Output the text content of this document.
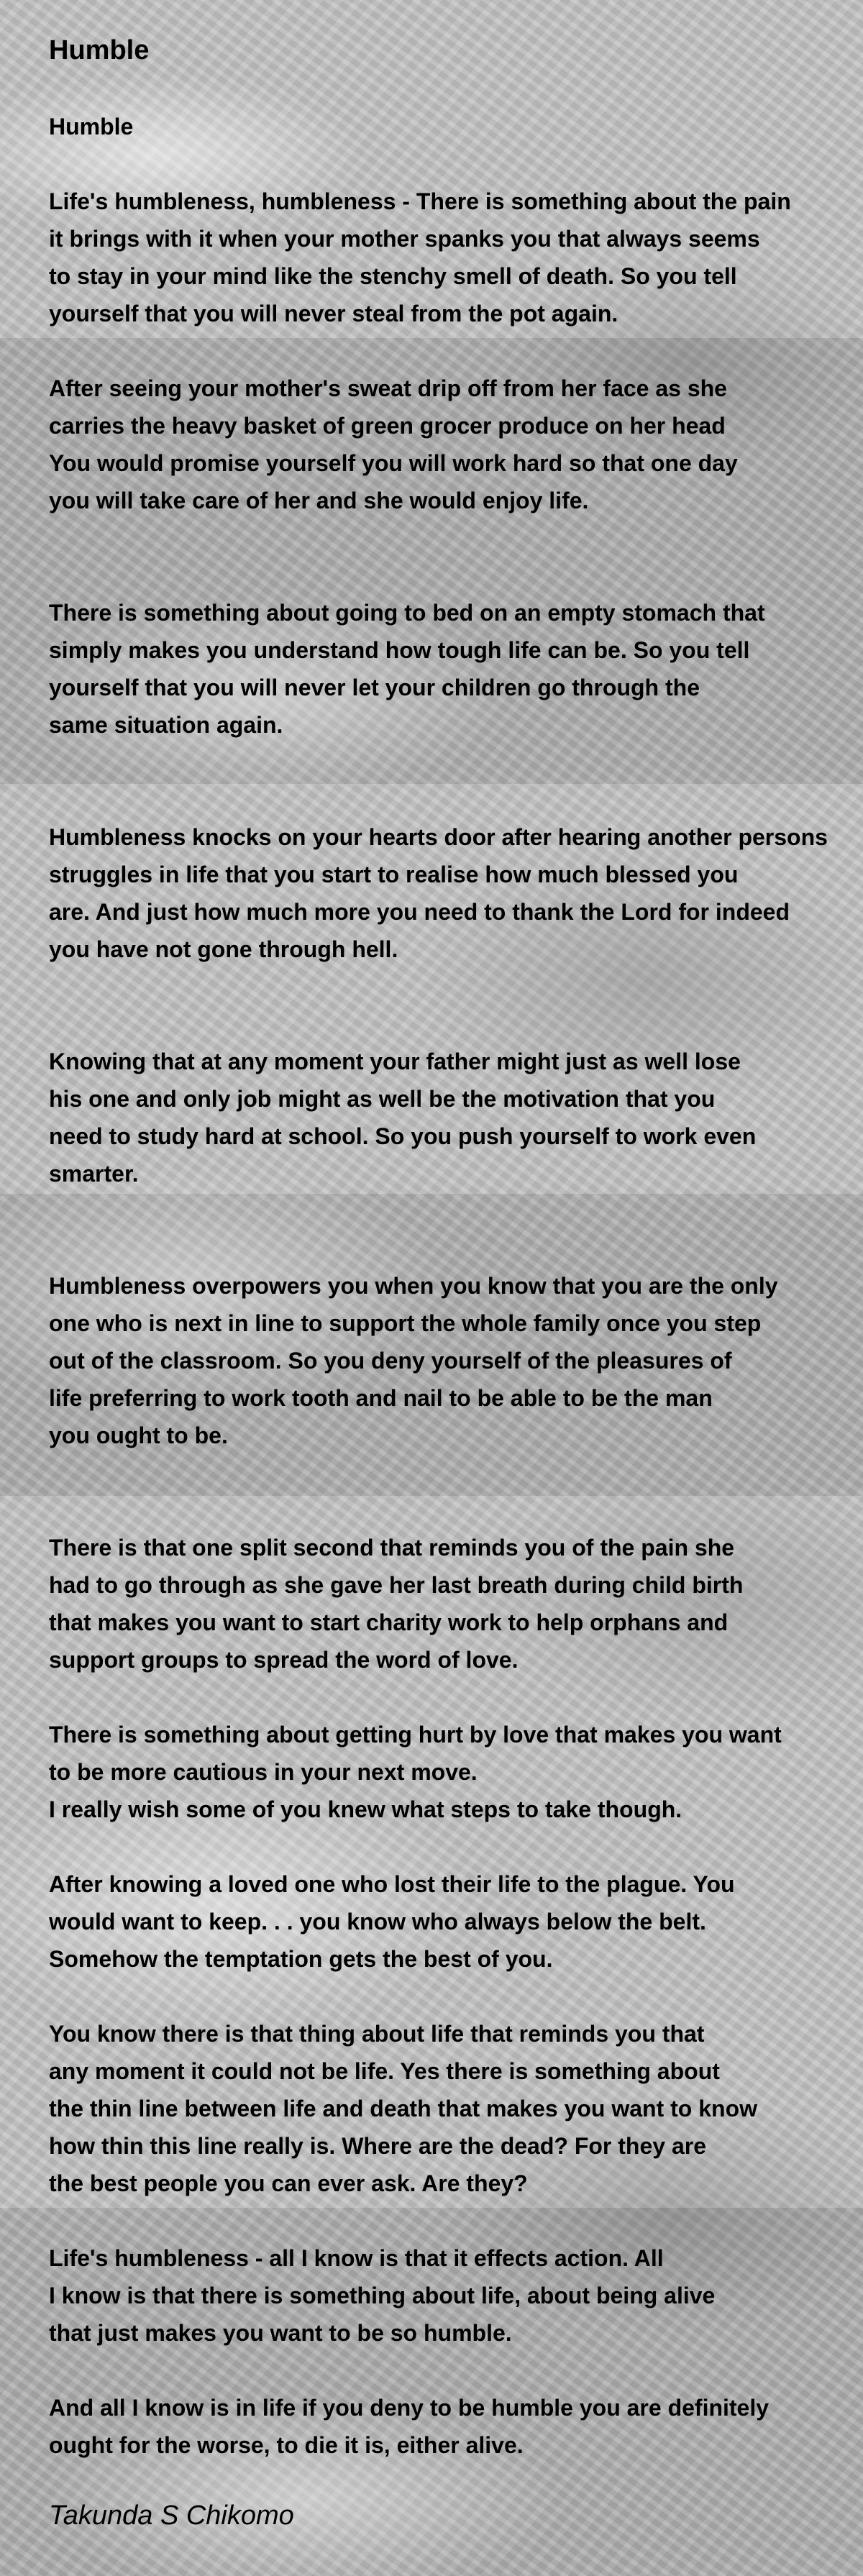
Humble

Humble

Life's humbleness, humbleness - There is something about the pain
it brings with it when your mother spanks you that always seems
to stay in your mind like the stenchy smell of death. So you tell
yourself that you will never steal from the pot again.

After seeing your mother's sweat drip off from her face as she
carries the heavy basket of green grocer produce on her head
You would promise yourself you will work hard so that one day
you will take care of her and she would enjoy life.

There is something about going to bed on an empty stomach that
simply makes you understand how tough life can be. So you tell
yourself that you will never let your children go through the
same situation again.

Humbleness knocks on your hearts door after hearing another persons
struggles in life that you start to realise how much blessed you
are. And just how much more you need to thank the Lord for indeed
you have not gone through hell.

Knowing that at any moment your father might just as well lose
his one and only job might as well be the motivation that you
need to study hard at school. So you push yourself to work even
smarter.

Humbleness overpowers you when you know that you are the only
one who is next in line to support the whole family once you step
out of the classroom. So you deny yourself of the pleasures of
life preferring to work tooth and nail to be able to be the man
you ought to be.

There is that one split second that reminds you of the pain she
had to go through as she gave her last breath during child birth
that makes you want to start charity work to help orphans and
support groups to spread the word of love.

There is something about getting hurt by love that makes you want
to be more cautious in your next move.
I really wish some of you knew what steps to take though.

After knowing a loved one who lost their life to the plague. You
would want to keep. . . you know who always below the belt.
Somehow the temptation gets the best of you.

You know there is that thing about life that reminds you that
any moment it could not be life. Yes there is something about
the thin line between life and death that makes you want to know
how thin this line really is. Where are the dead? For they are
the best people you can ever ask. Are they?

Life's humbleness - all I know is that it effects action. All
I know is that there is something about life, about being alive
that just makes you want to be so humble.

And all I know is in life if you deny to be humble you are definitely
ought for the worse, to die it is, either alive.

Takunda S Chikomo
